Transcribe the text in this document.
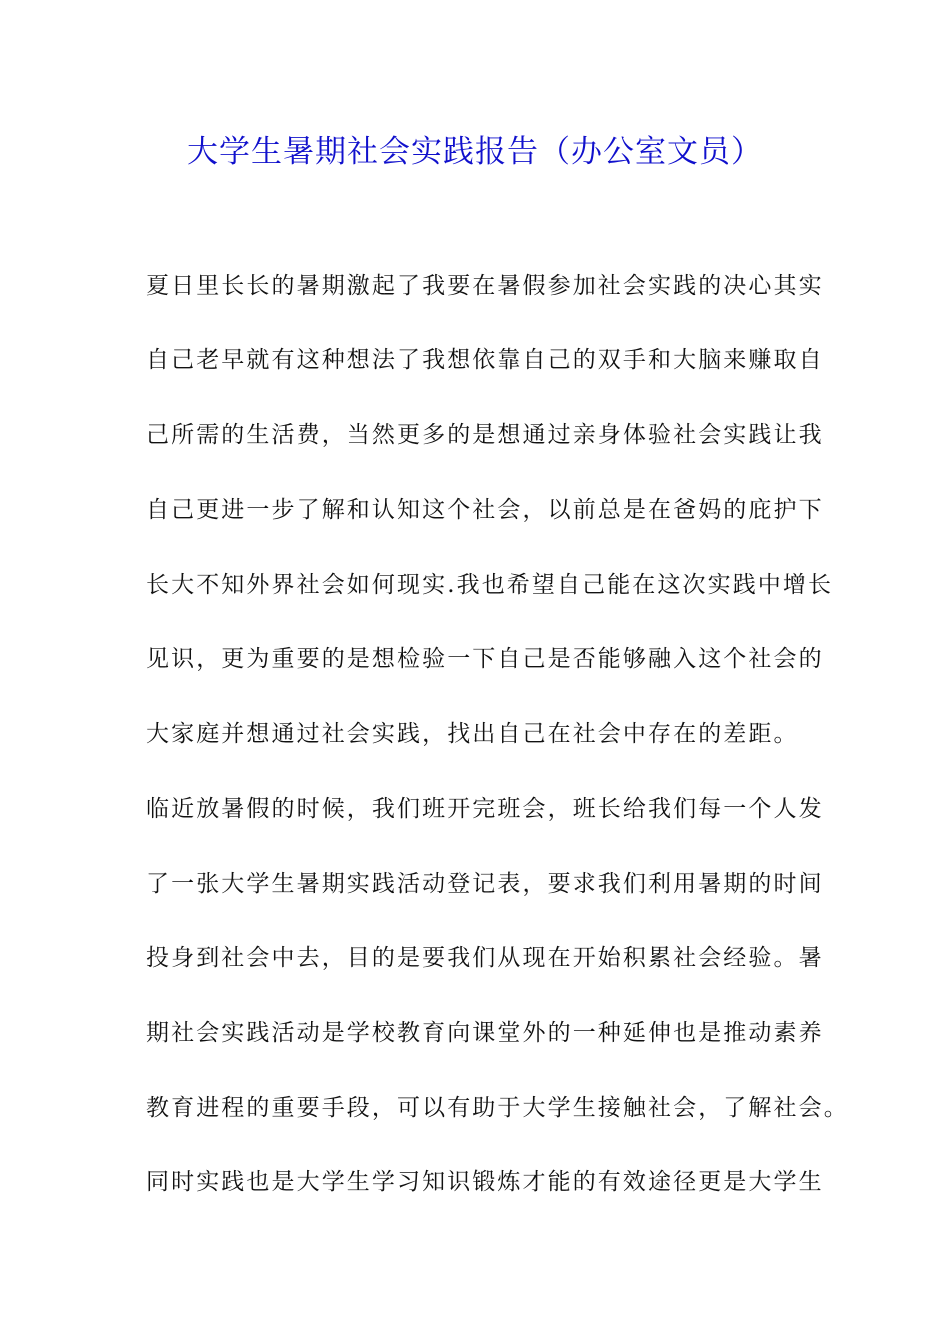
大学生暑期社会实践报告（办公室文员）
夏日里长长的暑期激起了我要在暑假参加社会实践的决心其实
自己老早就有这种想法了我想依靠自己的双手和大脑来赚取自
己所需的生活费，当然更多的是想通过亲身体验社会实践让我
自己更进一步了解和认知这个社会，以前总是在爸妈的庇护下
长大不知外界社会如何现实.我也希望自己能在这次实践中增长
见识，更为重要的是想检验一下自己是否能够融入这个社会的
大家庭并想通过社会实践，找出自己在社会中存在的差距。
临近放暑假的时候，我们班开完班会，班长给我们每一个人发
了一张大学生暑期实践活动登记表，要求我们利用暑期的时间
投身到社会中去，目的是要我们从现在开始积累社会经验。暑
期社会实践活动是学校教育向课堂外的一种延伸也是推动素养
教育进程的重要手段，可以有助于大学生接触社会，了解社会。
同时实践也是大学生学习知识锻炼才能的有效途径更是大学生
